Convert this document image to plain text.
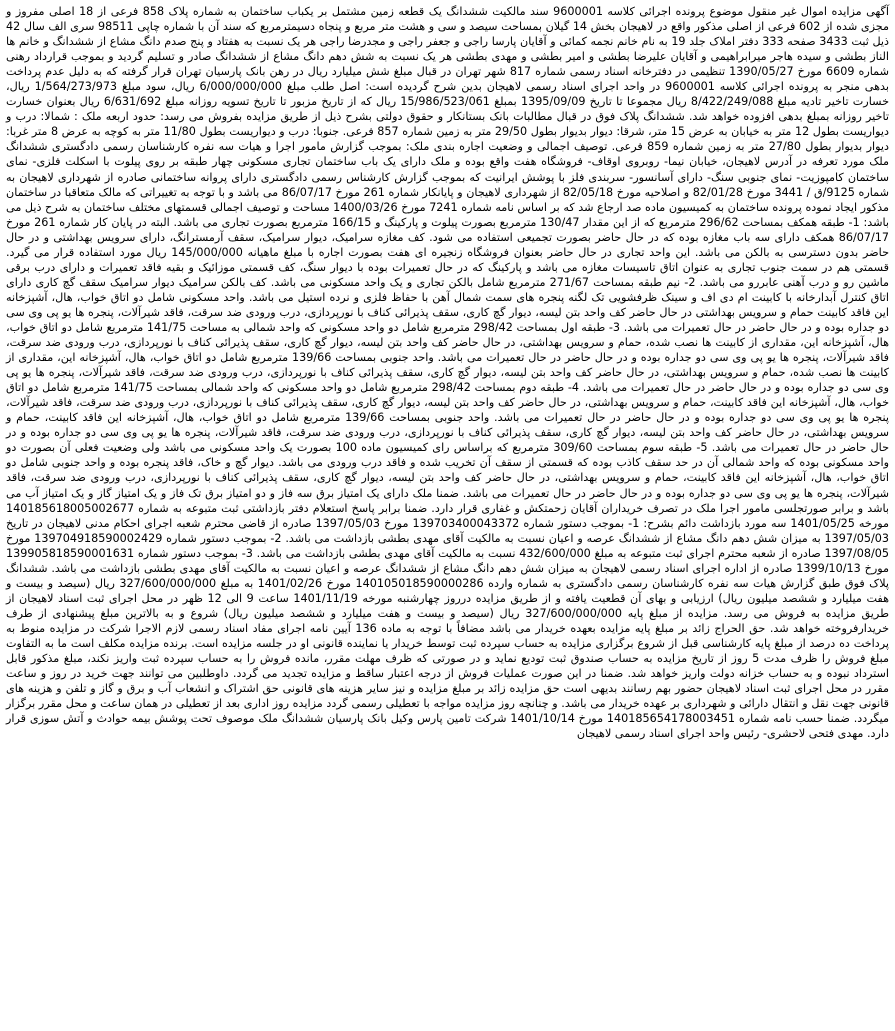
آگهی مزایده اموال غیر منقول موضوع پرونده اجرائی کلاسه 9600001 سند مالکیت ششدانگ یک قطعه زمین مشتمل بر یکباب ساختمان به شماره پلاک 858 فرعی از 18 اصلی مفروز و مجزی شده از 602 فرعی از اصلی مذکور واقع در لاهیجان بخش 14 گیلان بمساحت سیصد و سی و هشت متر مربع و پنجاه دسیمترمربع که سند آن با شماره چاپی 98511 سری الف سال 42 ذیل ثبت 3433 صفحه 333 دفتر املاک جلد 19 به نام خانم نجمه کمائی و آقایان پارسا راجی و جعفر راجی و مجدرضا راجی هر یک نسبت به هفتاد و پنج صدم دانگ مشاع از ششدانگ و خانم ها الناز بطشی و سیده هاجر میرابراهیمی و آقایان علیرضا بطشی و امیر بطشی و مهدی بطشی هر یک نسبت به شش دهم دانگ مشاع از ششدانگ صادر و تسلیم گردید و بموجب قرارداد رهنی شماره 6609 مورخ 1390/05/27 تنظیمی در دفترخانه اسناد رسمی شماره 817 شهر تهران در قبال مبلغ شش میلیارد ریال در رهن بانک پارسیان تهران قرار گرفته که به دلیل عدم پرداخت بدهی منجر به پرونده اجرائی کلاسه 9600001 در واحد اجرای اسناد رسمی لاهیجان بدین شرح گردیده است: اصل طلب مبلغ 6/000/000/000 ریال، سود مبلغ 1/564/273/973 ریال، خسارت تاخیر تادیه مبلغ 8/422/249/088 ریال مجموعا تا تاریخ 1395/09/09 بمبلغ 15/986/523/061 ریال که از تاریخ مزبور تا تاریخ تسویه روزانه مبلغ 6/631/692 ریال بعنوان خسارت تاخیر روزانه بمبلغ بدهی افزوده خواهد شد. ششدانگ پلاک فوق در قبال مطالبات بانک بستانکار و حقوق دولتی بشرح ذیل از طریق مزایده بفروش می رسد: حدود اربعه ملک : شمالا: درب و دیواریست بطول 12 متر به خیابان به عرض 15 متر، شرقا: دیوار بدیوار بطول 29/50 متر به زمین شماره 857 فرعی. جنوبا: درب و دیواریست بطول 11/80 متر به کوچه به عرض 8 متر غربا: دیوار بدیوار بطول 27/80 متر به زمین شماره 859 فرعی. توصیف اجمالی و وضعیت اجاره بندی ملک: بموجب گزارش مامور اجرا و هیات سه نفره کارشناسان رسمی دادگستری ششدانگ ملک مورد تعرفه در آدرس لاهیجان، خیابان نیما- روبروی اوقاف- فروشگاه هفت واقع بوده و ملک دارای یک باب ساختمان تجاری مسکونی چهار طبقه بر روی پیلوت با اسکلت فلزی- نمای ساختمان کامپوزیت- نمای جنوبی سنگ- دارای آسانسور- سربندی فلز با پوشش ایرانیت که بموجب گزارش کارشناس رسمی دادگستری دارای پروانه ساختمانی صادره از شهرداری لاهیجان به شماره 9125/ق / 3441 مورخ 82/01/28 و اصلاحیه مورخ 82/05/18 از شهرداری لاهیجان و پایانکار شماره 261 مورخ 86/07/17 می باشد و با توجه به تغییراتی که مالک متعاقبا در ساختمان مذکور ایجاد نموده پرونده ساختمان به کمیسیون ماده صد ارجاع شد که بر اساس نامه شماره 7241 مورخ 1400/03/26 مساحت و توصیف اجمالی قسمتهای مختلف ساختمان به شرح ذیل می باشد: 1- طبقه همکف بمساحت 296/62 مترمربع که از این مقدار 130/47 مترمربع بصورت پیلوت و پارکینگ و 166/15 مترمربع بصورت تجاری می باشد. البته در پایان کار شماره 261 مورخ 86/07/17 همکف دارای سه باب مغازه بوده که در حال حاضر بصورت تجمیعی استفاده می شود. کف مغازه سرامیک، دیوار سرامیک، سقف آرمسترانگ، دارای سرویس بهداشتی و در حال حاضر بدون دسترسی به بالکن می باشد. این واحد تجاری در حال حاضر بعنوان فروشگاه زنجیره ای هفت بصورت اجاره با مبلغ ماهیانه 145/000/000 ریال مورد استفاده قرار می گیرد. قسمتی هم در سمت جنوب تجاری به عنوان اتاق تاسیسات مغازه می باشد و پارکینگ که در حال تعمیرات بوده با دیوار سنگ، کف قسمتی موزائیک و بقیه فاقد تعمیرات و دارای درب برقی ماشین رو و درب آهنی عابررو می باشد. 2- نیم طبقه بمساحت 271/67 مترمربع شامل بالکن تجاری و یک واحد مسکونی می باشد. کف بالکن سرامیک دیوار سرامیک سقف گچ کاری دارای اتاق کنترل آبدارخانه با کابینت ام دی اف و سینک ظرفشویی تک لگنه پنجره های سمت شمال آهن با حفاظ فلزی و نرده استیل می باشد. واحد مسکونی شامل دو اتاق خواب، هال، آشپزخانه این فاقد کابینت حمام و سرویس بهداشتی در حال حاضر کف واحد بتن لیسه، دیوار گچ کاری، سقف پذیرائی کناف با نورپردازی، درب ورودی ضد سرقت، فاقد شیرآلات، پنجره ها یو پی وی سی دو جداره بوده و در حال حاضر در حال تعمیرات می باشد. 3- طبقه اول بمساحت 298/42 مترمربع شامل دو واحد مسکونی که واحد شمالی به مساحت 141/75 مترمربع شامل دو اتاق خواب، هال، آشپزخانه این، مقداری از کابینت ها نصب شده، حمام و سرویس بهداشتی، در حال حاضر کف واحد بتن لیسه، دیوار گچ کاری، سقف پذیرائی کناف با نورپردازی، درب ورودی ضد سرقت، فاقد شیرآلات، پنجره ها یو پی وی سی دو جداره بوده و در حال حاضر در حال تعمیرات می باشد. واحد جنوبی بمساحت 139/66 مترمربع شامل دو اتاق خواب، هال، آشپزخانه این، مقداری از کابینت ها نصب شده، حمام و سرویس بهداشتی، در حال حاضر کف واحد بتن لیسه، دیوار گچ کاری، سقف پذیرائی کناف با نورپردازی، درب ورودی ضد سرقت، فاقد شیرآلات، پنجره ها یو پی وی سی دو جداره بوده و در حال حاضر در حال تعمیرات می باشد. 4- طبقه دوم بمساحت 298/42 مترمربع شامل دو واحد مسکونی که واحد شمالی بمساحت 141/75 مترمربع شامل دو اتاق خواب، هال، آشپزخانه این فاقد کابینت، حمام و سرویس بهداشتی، در حال حاضر کف واحد بتن لیسه، دیوار گچ کاری، سقف پذیرائی کناف با نورپردازی، درب ورودی ضد سرقت، فاقد شیرآلات، پنجره ها یو پی وی سی دو جداره بوده و در حال حاضر در حال تعمیرات می باشد. واحد جنوبی بمساحت 139/66 مترمربع شامل دو اتاق خواب، هال، آشپزخانه این فاقد کابینت، حمام و سرویس بهداشتی، در حال حاضر کف واحد بتن لیسه، دیوار گچ کاری، سقف پذیرائی کناف با نورپردازی، درب ورودی ضد سرقت، فاقد شیرآلات، پنجره ها یو پی وی سی دو جداره بوده و در حال حاضر در حال تعمیرات می باشد. 5- طبقه سوم بمساحت 309/60 مترمربع که براساس رای کمیسیون ماده 100 بصورت یک واحد مسکونی می باشد ولی وضعیت فعلی آن بصورت دو واحد مسکونی بوده که واحد شمالی آن در حد سقف کاذب بوده که قسمتی از سقف آن تخریب شده و فاقد درب ورودی می باشد. دیوار گچ و خاک، فاقد پنجره بوده و واحد جنوبی شامل دو اتاق خواب، هال، آشپزخانه این فاقد کابینت، حمام و سرویس بهداشتی، در حال حاضر کف واحد بتن لیسه، دیوار گچ کاری، سقف پذیرائی کناف با نورپردازی، درب ورودی ضد سرقت، فاقد شیرآلات، پنجره ها یو پی وی سی دو جداره بوده و در حال حاضر در حال تعمیرات می باشد. ضمنا ملک دارای یک امتیاز برق سه فاز و دو امتیاز برق تک فاز و یک امتیاز گاز و یک امتیاز آب می باشد و برابر صورتجلسی مامور اجرا ملک در تصرف خریداران آقایان زحمتکش و غفاری قرار دارد. ضمنا برابر پاسخ استعلام دفتر بازداشتی ثبت متبوعه به شماره 140185618005002677 مورخه 1401/05/25 سه مورد بازداشت دائم بشرح: 1- بموجب دستور شماره 139703400043372 مورخ 1397/05/03 صادره از قاضی محترم شعبه اجرای احکام مدنی لاهیجان در تاریخ 1397/05/03 به میزان شش دهم دانگ مشاع از ششدانگ عرصه و اعیان نسبت به مالکیت آقای مهدی بطشی بازداشت می باشد. 2- بموجب دستور شماره 139704918590002429 مورخ 1397/08/05 صادره از شعبه محترم اجرای ثبت متبوعه به مبلغ 432/600/000 نسبت به مالکیت آقای مهدی بطشی بازداشت می باشد. 3- بموجب دستور شماره 139905818590001631 مورخ 1399/10/13 صادره از اداره اجرای اسناد رسمی لاهیجان به میزان شش دهم دانگ مشاع از ششدانگ عرصه و اعیان نسبت به مالکیت آقای مهدی بطشی بازداشت می باشد. ششدانگ پلاک فوق طبق گزارش هیات سه نفره کارشناسان رسمی دادگستری به شماره وارده 140105018590000286 مورخ 1401/02/26 به مبلغ 327/600/000/000 ریال (سیصد و بیست و هفت میلیارد و ششصد میلیون ریال) ارزیابی و بهای آن قطعیت یافته و از طریق مزایده درروز چهارشنبه مورخه 1401/11/19 ساعت 9 الی 12 ظهر در محل اجرای ثبت اسناد لاهیجان از طریق مزایده به فروش می رسد. مزایده از مبلغ پایه 327/600/000/000 ریال (سیصد و بیست و هفت میلیارد و ششصد میلیون ریال) شروع و به بالاترین مبلغ پیشنهادی از طرف خریدارفروخته خواهد شد. حق الحراج زائد بر مبلغ پایه مزایده بعهده خریدار می باشد مضافاً با توجه به ماده 136 آیین نامه اجرای مفاد اسناد رسمی لازم الاجرا شرکت در مزایده منوط به پرداخت ده درصد از مبلغ پایه کارشناسی قبل از شروع برگزاری مزایده به حساب سپرده ثبت توسط خریدار یا نماینده قانونی او در جلسه مزایده است. برنده مزایده مکلف است ما به التفاوت مبلغ فروش را ظرف مدت 5 روز از تاریخ مزایده به حساب صندوق ثبت تودیع نماید و در صورتی که ظرف مهلت مقرر، مانده فروش را به حساب سپرده ثبت واریز نکند، مبلغ مذکور قابل استرداد نبوده و به حساب خزانه دولت واریز خواهد شد. ضمنا در این صورت عملیات فروش از درجه اعتبار ساقط و مزایده تجدید می گردد. داوطلبین می توانند جهت خرید در روز و ساعت مقرر در محل اجرای ثبت اسناد لاهیجان حضور بهم رسانند بدیهی است حق مزایده زائد بر مبلغ مزایده و نیز سایر هزینه های قانونی حق اشتراک و انشعاب آب و برق و گاز و تلفن و هزینه های قانونی جهت نقل و انتقال دارائی و شهرداری بر عهده خریدار می باشد. و چنانچه روز مزایده مواجه با تعطیلی رسمی گردد مزایده روز اداری بعد از تعطیلی در همان ساعت و محل مقرر برگزار میگردد. ضمنا حسب نامه شماره 140185654178003451 مورخ 1401/10/14 شرکت تامین پارس وکیل بانک پارسیان ششدانگ ملک موصوف تحت پوشش بیمه حوادث و آتش سوزی قرار دارد. مهدی فتحی لاحشری- رئیس واحد اجرای اسناد رسمی لاهیجان
